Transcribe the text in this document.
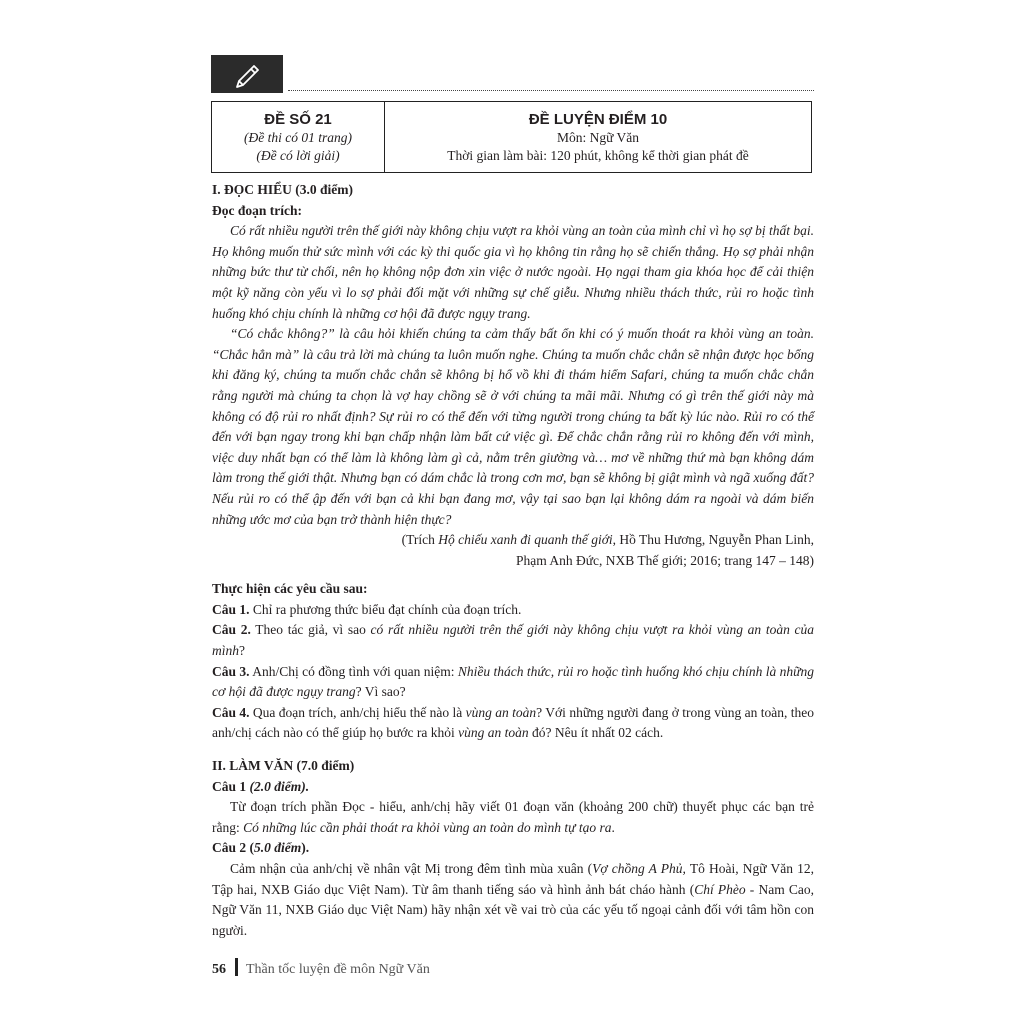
ĐỀ SỐ 21
(Đề thi có 01 trang)
(Đề có lời giải)
ĐỀ LUYỆN ĐIỂM 10
Môn: Ngữ Văn
Thời gian làm bài: 120 phút, không kể thời gian phát đề

I. ĐỌC HIỂU (3.0 điểm)

Đọc đoạn trích:

Có rất nhiều người trên thế giới này không chịu vượt ra khỏi vùng an toàn của mình chỉ vì họ sợ bị thất bại. Họ không muốn thử sức mình với các kỳ thi quốc gia vì họ không tin rằng họ sẽ chiến thắng. Họ sợ phải nhận những bức thư từ chối, nên họ không nộp đơn xin việc ở nước ngoài. Họ ngại tham gia khóa học để cải thiện một kỹ năng còn yếu vì lo sợ phải đối mặt với những sự chế giễu. Nhưng nhiều thách thức, rủi ro hoặc tình huống khó chịu chính là những cơ hội đã được ngụy trang.

“Có chắc không?” là câu hỏi khiến chúng ta cảm thấy bất ổn khi có ý muốn thoát ra khỏi vùng an toàn. “Chắc hẳn mà” là câu trả lời mà chúng ta luôn muốn nghe. Chúng ta muốn chắc chắn sẽ nhận được học bổng khi đăng ký, chúng ta muốn chắc chắn sẽ không bị hổ vồ khi đi thám hiểm Safari, chúng ta muốn chắc chắn rằng người mà chúng ta chọn là vợ hay chồng sẽ ở với chúng ta mãi mãi. Nhưng có gì trên thế giới này mà không có độ rủi ro nhất định? Sự rủi ro có thể đến với từng người trong chúng ta bất kỳ lúc nào. Rủi ro có thể đến với bạn ngay trong khi bạn chấp nhận làm bất cứ việc gì. Để chắc chắn rằng rủi ro không đến với mình, việc duy nhất bạn có thể làm là không làm gì cả, nằm trên giường và… mơ về những thứ mà bạn không dám làm trong thế giới thật. Nhưng bạn có dám chắc là trong cơn mơ, bạn sẽ không bị giật mình và ngã xuống đất? Nếu rủi ro có thể ập đến với bạn cả khi bạn đang mơ, vậy tại sao bạn lại không dám ra ngoài và dám biến những ước mơ của bạn trở thành hiện thực?

(Trích Hộ chiếu xanh đi quanh thế giới, Hồ Thu Hương, Nguyễn Phan Linh,

Phạm Anh Đức, NXB Thế giới; 2016; trang 147 – 148)

Thực hiện các yêu cầu sau:

Câu 1. Chỉ ra phương thức biểu đạt chính của đoạn trích.

Câu 2. Theo tác giả, vì sao có rất nhiều người trên thế giới này không chịu vượt ra khỏi vùng an toàn của mình?

Câu 3. Anh/Chị có đồng tình với quan niệm: Nhiều thách thức, rủi ro hoặc tình huống khó chịu chính là những cơ hội đã được ngụy trang? Vì sao?

Câu 4. Qua đoạn trích, anh/chị hiểu thế nào là vùng an toàn? Với những người đang ở trong vùng an toàn, theo anh/chị cách nào có thể giúp họ bước ra khỏi vùng an toàn đó? Nêu ít nhất 02 cách.

II. LÀM VĂN (7.0 điểm)

Câu 1 (2.0 điểm).

Từ đoạn trích phần Đọc - hiểu, anh/chị hãy viết 01 đoạn văn (khoảng 200 chữ) thuyết phục các bạn trẻ rằng: Có những lúc cần phải thoát ra khỏi vùng an toàn do mình tự tạo ra.

Câu 2 (5.0 điểm).

Cảm nhận của anh/chị về nhân vật Mị trong đêm tình mùa xuân (Vợ chồng A Phủ, Tô Hoài, Ngữ Văn 12, Tập hai, NXB Giáo dục Việt Nam). Từ âm thanh tiếng sáo và hình ảnh bát cháo hành (Chí Phèo - Nam Cao, Ngữ Văn 11, NXB Giáo dục Việt Nam) hãy nhận xét về vai trò của các yếu tố ngoại cảnh đối với tâm hồn con người.

56 Thần tốc luyện đề môn Ngữ Văn
